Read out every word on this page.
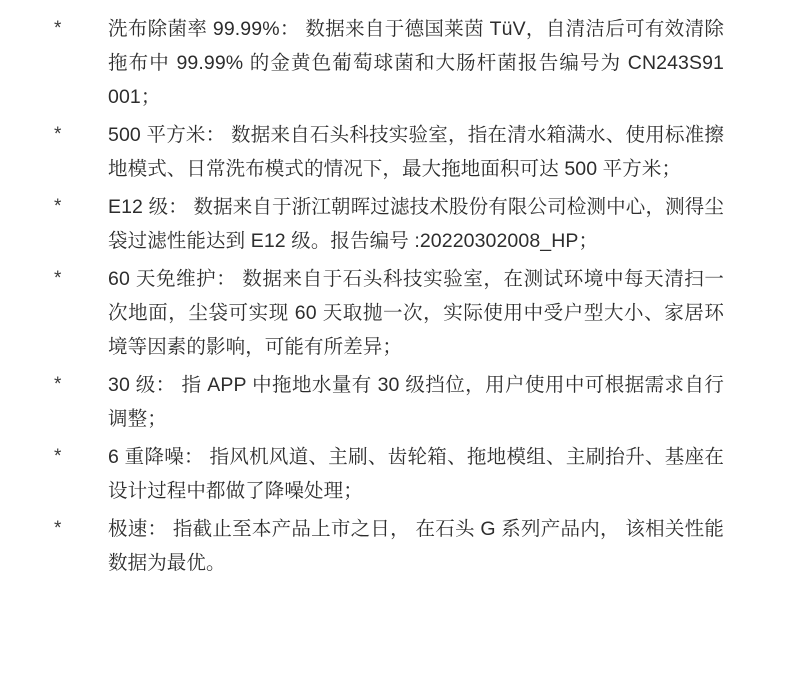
*	洗布除菌率 99.99%： 数据来自于德国莱茵 TüV，自清洁后可有效清除拖布中 99.99% 的金黄色葡萄球菌和大肠杆菌报告编号为 CN243S91 001；
*	500 平方米： 数据来自石头科技实验室，指在清水箱满水、使用标准擦地模式、日常洗布模式的情况下，最大拖地面积可达 500 平方米；
*	E12 级： 数据来自于浙江朝晖过滤技术股份有限公司检测中心，测得尘袋过滤性能达到 E12 级。报告编号 :20220302008_HP；
*	60 天免维护： 数据来自于石头科技实验室，在测试环境中每天清扫一次地面，尘袋可实现 60 天取抛一次，实际使用中受户型大小、家居环境等因素的影响，可能有所差异；
*	30 级： 指 APP 中拖地水量有 30 级挡位，用户使用中可根据需求自行调整；
*	6 重降噪： 指风机风道、主刷、齿轮箱、拖地模组、主刷抬升、基座在设计过程中都做了降噪处理；
*	极速： 指截止至本产品上市之日， 在石头 G 系列产品内， 该相关性能数据为最优。
